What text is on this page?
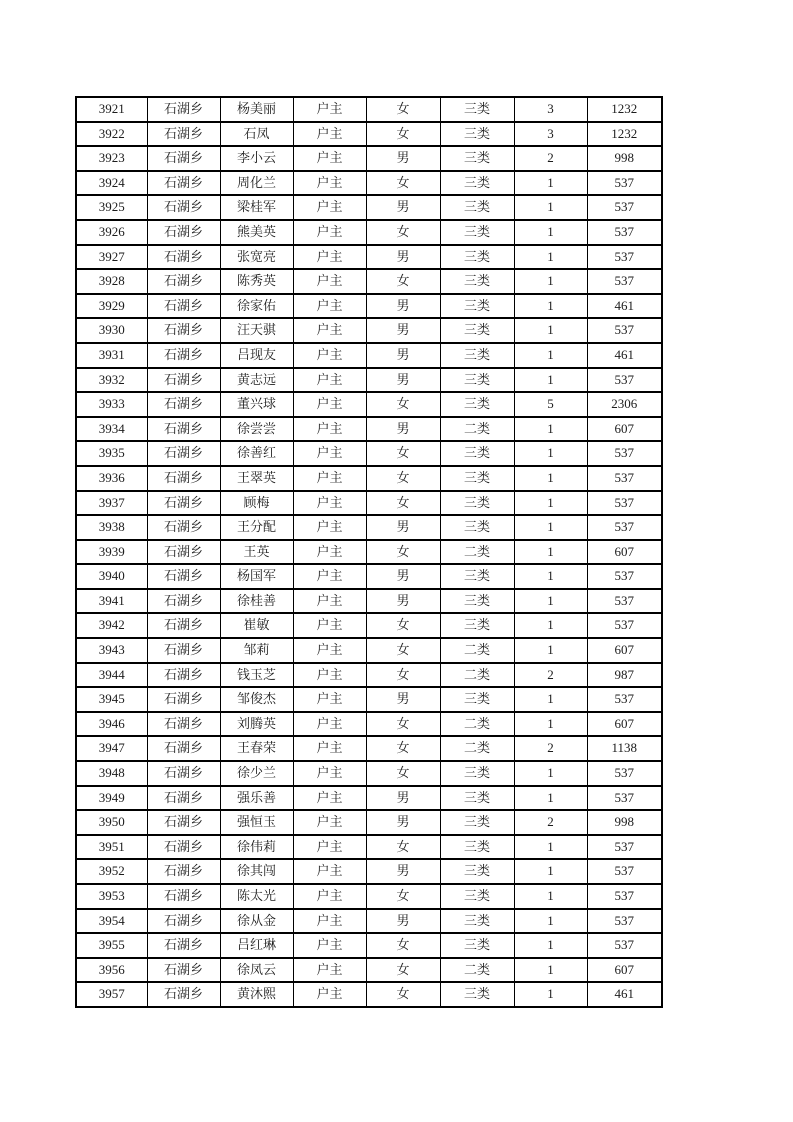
3921	石湖乡	杨美丽	户主	女	三类	3	1232
3922	石湖乡	石凤	户主	女	三类	3	1232
3923	石湖乡	李小云	户主	男	三类	2	998
3924	石湖乡	周化兰	户主	女	三类	1	537
3925	石湖乡	梁桂军	户主	男	三类	1	537
3926	石湖乡	熊美英	户主	女	三类	1	537
3927	石湖乡	张宽亮	户主	男	三类	1	537
3928	石湖乡	陈秀英	户主	女	三类	1	537
3929	石湖乡	徐家佑	户主	男	三类	1	461
3930	石湖乡	汪天骐	户主	男	三类	1	537
3931	石湖乡	吕现友	户主	男	三类	1	461
3932	石湖乡	黄志远	户主	男	三类	1	537
3933	石湖乡	董兴球	户主	女	三类	5	2306
3934	石湖乡	徐尝尝	户主	男	二类	1	607
3935	石湖乡	徐善红	户主	女	三类	1	537
3936	石湖乡	王翠英	户主	女	三类	1	537
3937	石湖乡	顾梅	户主	女	三类	1	537
3938	石湖乡	王分配	户主	男	三类	1	537
3939	石湖乡	王英	户主	女	二类	1	607
3940	石湖乡	杨国军	户主	男	三类	1	537
3941	石湖乡	徐桂善	户主	男	三类	1	537
3942	石湖乡	崔敏	户主	女	三类	1	537
3943	石湖乡	邹莉	户主	女	二类	1	607
3944	石湖乡	钱玉芝	户主	女	二类	2	987
3945	石湖乡	邹俊杰	户主	男	三类	1	537
3946	石湖乡	刘腾英	户主	女	二类	1	607
3947	石湖乡	王春荣	户主	女	二类	2	1138
3948	石湖乡	徐少兰	户主	女	三类	1	537
3949	石湖乡	强乐善	户主	男	三类	1	537
3950	石湖乡	强恒玉	户主	男	三类	2	998
3951	石湖乡	徐伟莉	户主	女	三类	1	537
3952	石湖乡	徐其闯	户主	男	三类	1	537
3953	石湖乡	陈太光	户主	女	三类	1	537
3954	石湖乡	徐从金	户主	男	三类	1	537
3955	石湖乡	吕红琳	户主	女	三类	1	537
3956	石湖乡	徐凤云	户主	女	二类	1	607
3957	石湖乡	黄沐熙	户主	女	三类	1	461
